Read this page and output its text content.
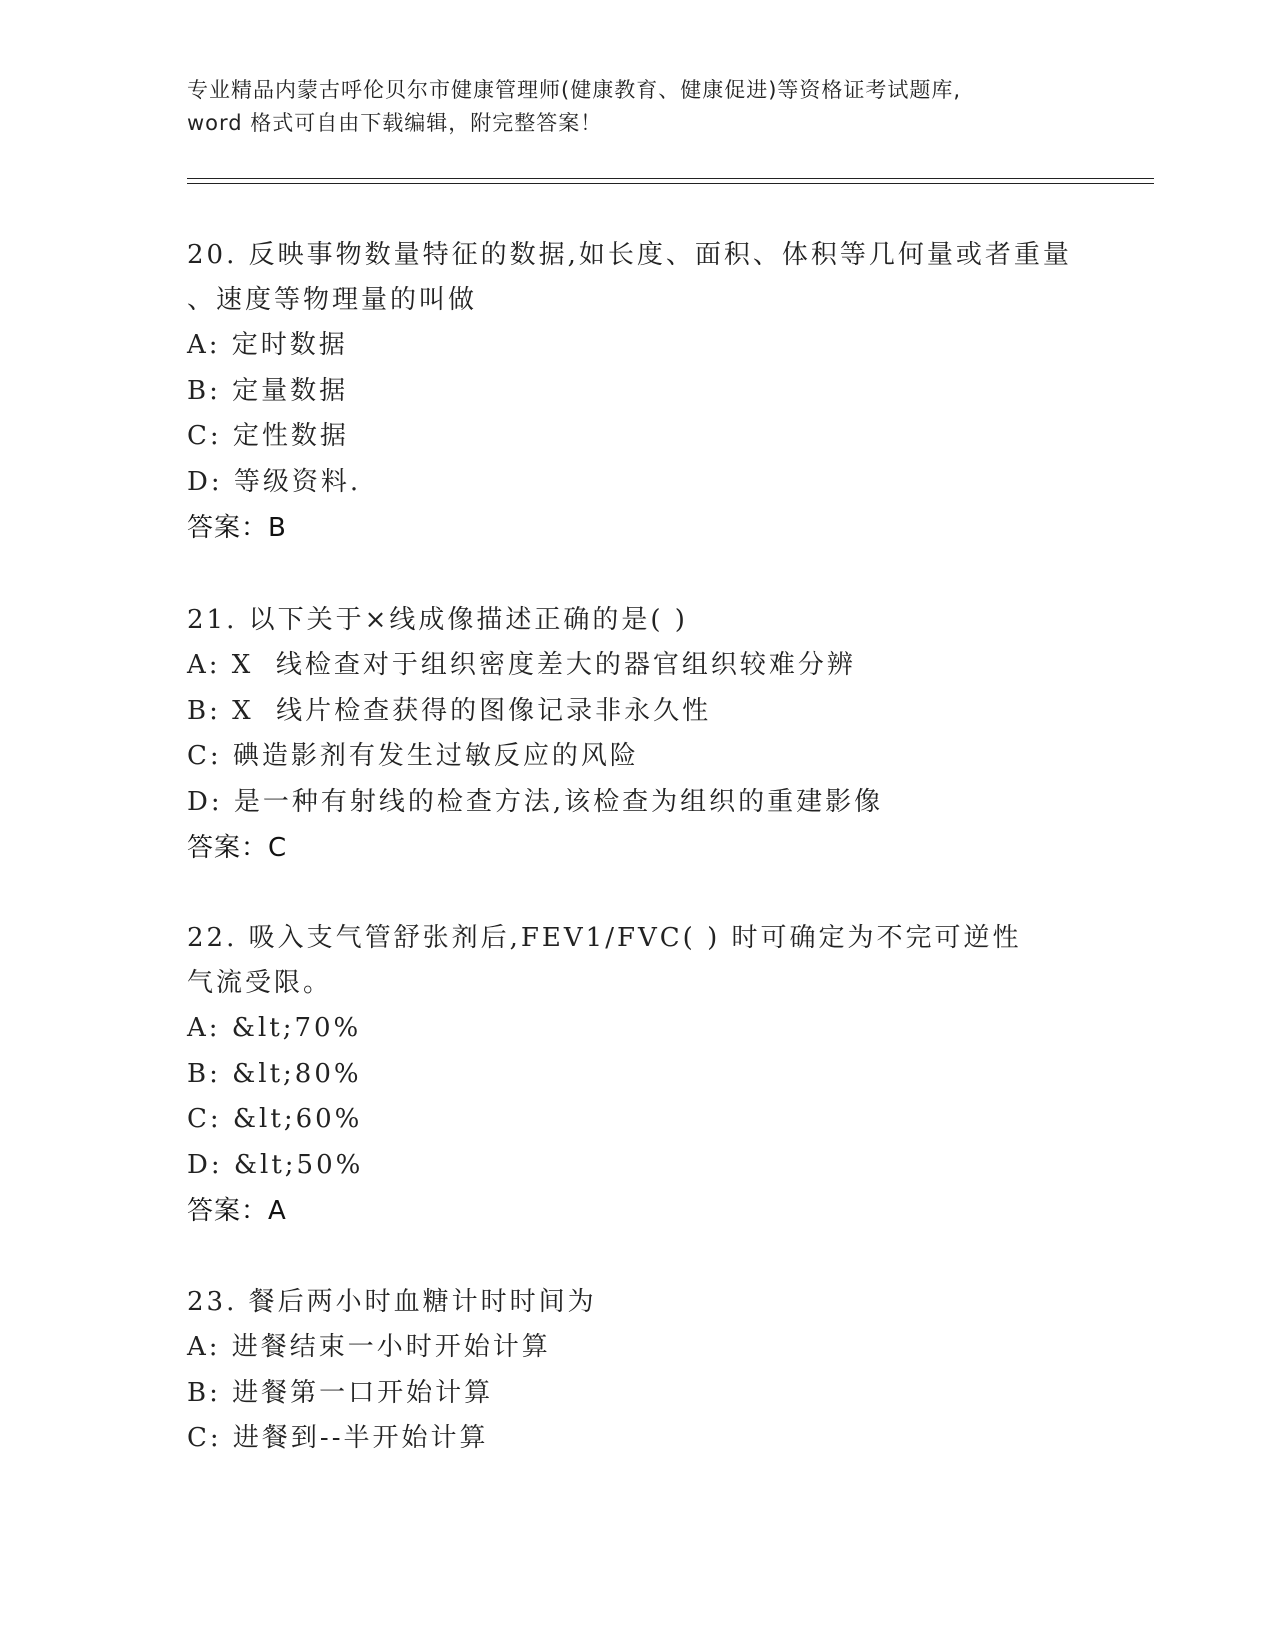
专业精品内蒙古呼伦贝尔市健康管理师(健康教育、健康促进)等资格证考试题库,
word 格式可自由下载编辑，附完整答案！
20. 反映事物数量特征的数据,如长度、面积、体积等几何量或者重量
、速度等物理量的叫做
A: 定时数据
B: 定量数据
C: 定性数据
D: 等级资料.
答案：B
21. 以下关于×线成像描述正确的是( )
A: X  线检查对于组织密度差大的器官组织较难分辨
B: X  线片检查获得的图像记录非永久性
C: 碘造影剂有发生过敏反应的风险
D: 是一种有射线的检查方法,该检查为组织的重建影像
答案：C
22. 吸入支气管舒张剂后,FEV1/FVC( ) 时可确定为不完可逆性
气流受限。
A: &lt;70%
B: &lt;80%
C: &lt;60%
D: &lt;50%
答案：A
23. 餐后两小时血糖计时时间为
A: 进餐结束一小时开始计算
B: 进餐第一口开始计算
C: 进餐到--半开始计算
